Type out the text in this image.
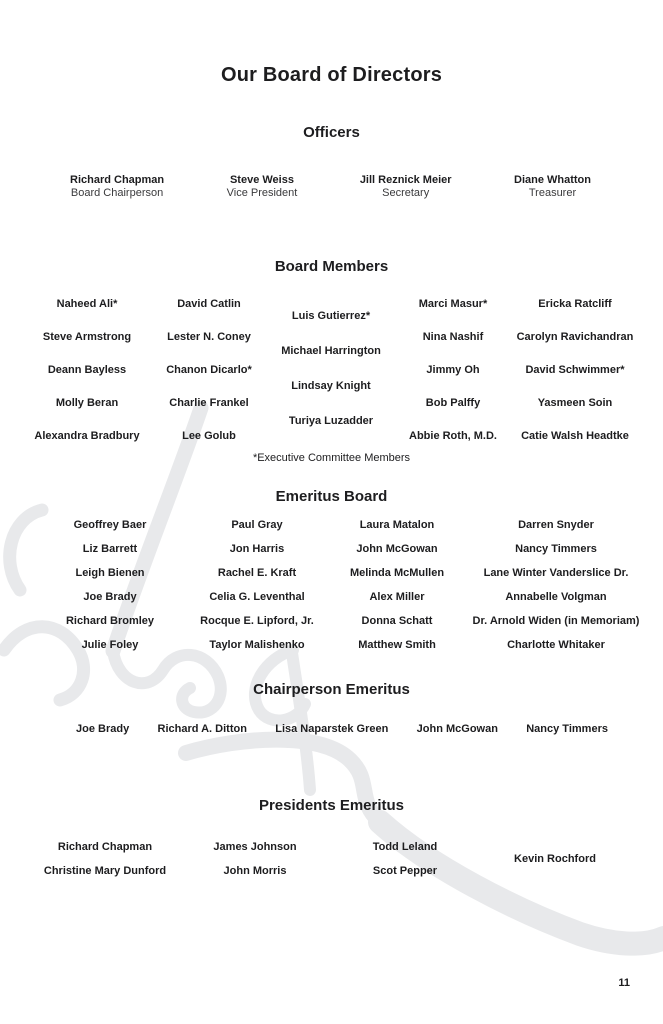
Our Board of Directors
Officers
Richard Chapman
Board Chairperson
Steve Weiss
Vice President
Jill Reznick Meier
Secretary
Diane Whatton
Treasurer
Board Members
Naheed Ali*
Steve Armstrong
Deann Bayless
Molly Beran
Alexandra Bradbury
David Catlin
Lester N. Coney
Chanon Dicarlo*
Charlie Frankel
Lee Golub
Luis Gutierrez*
Michael Harrington
Lindsay Knight
Turiya Luzadder
Marci Masur*
Nina Nashif
Jimmy Oh
Bob Palffy
Abbie Roth, M.D.
Ericka Ratcliff
Carolyn Ravichandran
David Schwimmer*
Yasmeen Soin
Catie Walsh Headtke
*Executive Committee Members
Emeritus Board
Geoffrey Baer
Liz Barrett
Leigh Bienen
Joe Brady
Richard Bromley
Julie Foley
Paul Gray
Jon Harris
Rachel E. Kraft
Celia G. Leventhal
Rocque E. Lipford, Jr.
Taylor Malishenko
Laura Matalon
John McGowan
Melinda McMullen
Alex Miller
Donna Schatt
Matthew Smith
Darren Snyder
Nancy Timmers
Lane Winter Vanderslice Dr.
Annabelle Volgman
Dr. Arnold Widen (in Memoriam)
Charlotte Whitaker
Chairperson Emeritus
Joe Brady	Richard A. Ditton	Lisa Naparstek Green	John McGowan	Nancy Timmers
Presidents Emeritus
Richard Chapman
Christine Mary Dunford
James Johnson
John Morris
Todd Leland
Scot Pepper
Kevin Rochford
11
